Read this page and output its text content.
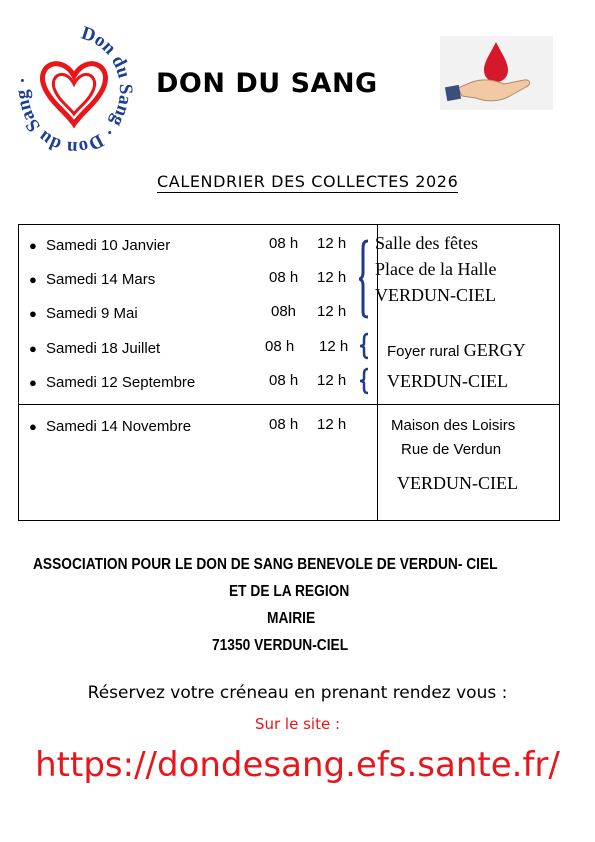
Don du Sang · Don du San ·	DON DU SANG
CALENDRIER DES COLLECTES 2026
● Samedi 10 Janvier
● Samedi 14 Mars
● Samedi 9 Mai
● Samedi 18 Juillet
● Samedi 12 Septembre
● Samedi 14 Novembre
08 h 12 h
08 h 12 h
08h 12 h
08 h 12 h
08 h 12 h
08 h 12 h
Salle des fêtes
Place de la Halle
VERDUN-CIEL
Foyer rural GERGY
VERDUN-CIEL
Maison des Loisirs
Rue de Verdun
VERDUN-CIEL
ASSOCIATION POUR LE DON DE SANG BENEVOLE DE VERDUN- CIEL
ET DE LA REGION
MAIRIE
71350 VERDUN-CIEL
Réservez votre créneau en prenant rendez vous :
Sur le site :
https://dondesang.efs.sante.fr/
